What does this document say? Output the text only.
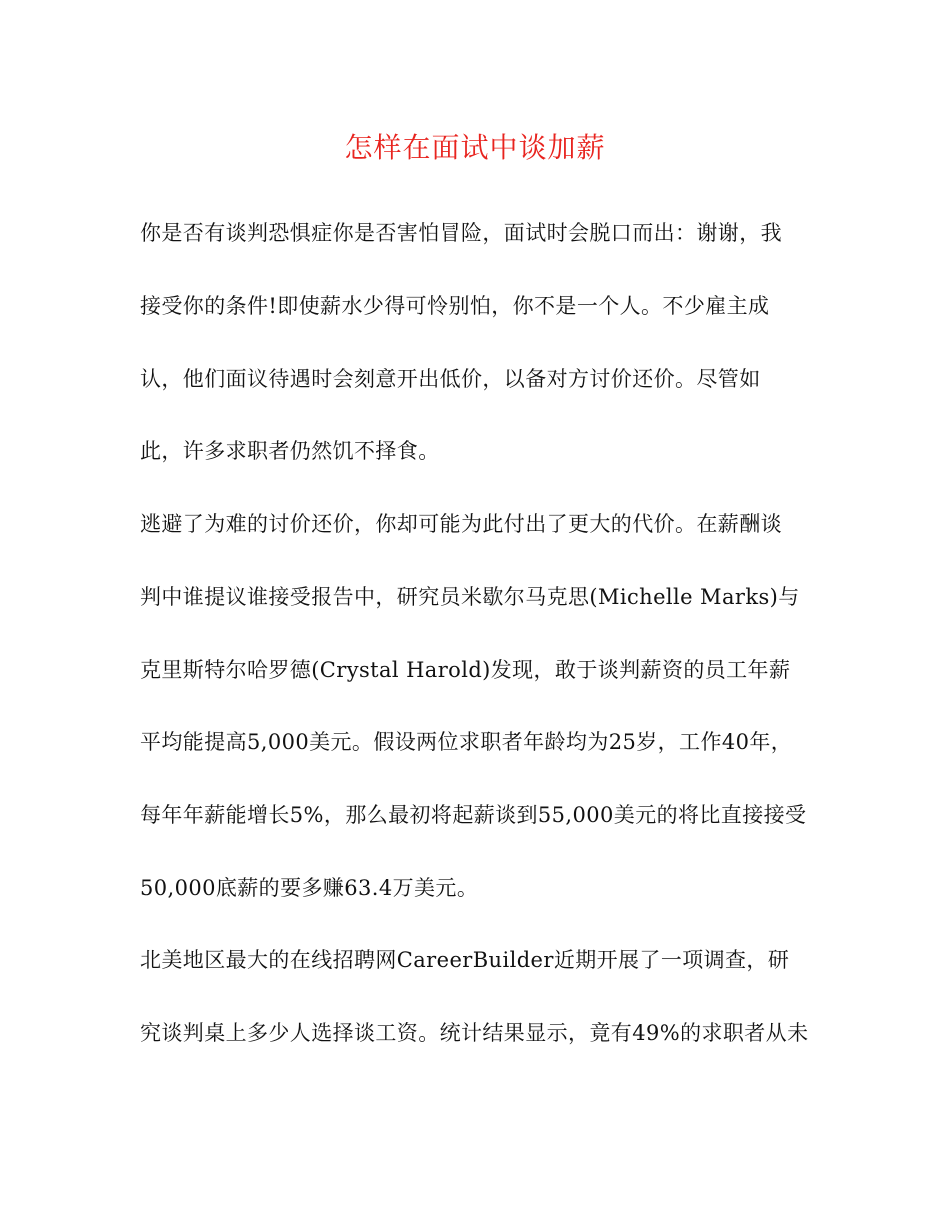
怎样在面试中谈加薪
你是否有谈判恐惧症你是否害怕冒险，面试时会脱口而出：谢谢，我
接受你的条件!即使薪水少得可怜别怕，你不是一个人。不少雇主成
认，他们面议待遇时会刻意开出低价，以备对方讨价还价。尽管如
此，许多求职者仍然饥不择食。
逃避了为难的讨价还价，你却可能为此付出了更大的代价。在薪酬谈
判中谁提议谁接受报告中，研究员米歇尔马克思(Michelle Marks)与
克里斯特尔哈罗德(Crystal Harold)发现，敢于谈判薪资的员工年薪
平均能提高5,000美元。假设两位求职者年龄均为25岁，工作40年，
每年年薪能增长5%，那么最初将起薪谈到55,000美元的将比直接接受
50,000底薪的要多赚63.4万美元。
北美地区最大的在线招聘网CareerBuilder近期开展了一项调查，研
究谈判桌上多少人选择谈工资。统计结果显示，竟有49%的求职者从未
